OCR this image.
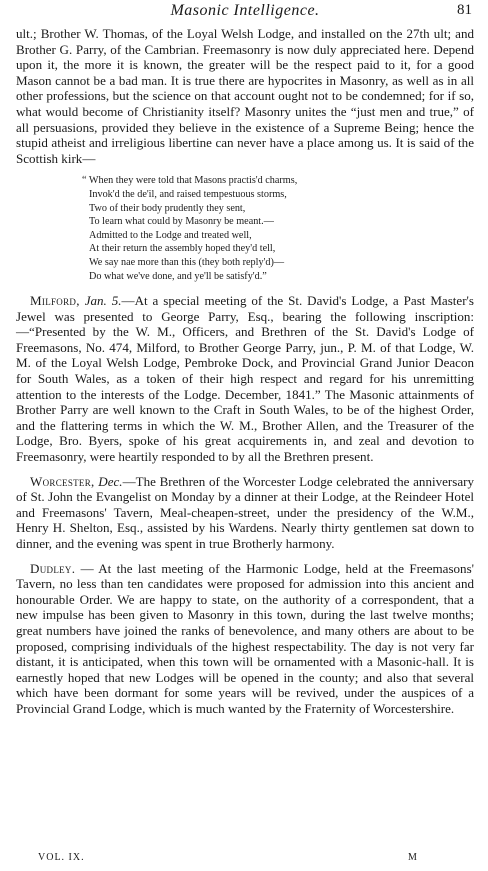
Masonic Intelligence.	81

ult.; Brother W. Thomas, of the Loyal Welsh Lodge, and installed on the 27th ult; and Brother G. Parry, of the Cambrian. Freemasonry is now duly appreciated here. Depend upon it, the more it is known, the greater will be the respect paid to it, for a good Mason cannot be a bad man. It is true there are hypocrites in Masonry, as well as in all other professions, but the science on that account ought not to be condemned; for if so, what would become of Christianity itself? Masonry unites the “just men and true,” of all persuasions, provided they believe in the existence of a Supreme Being; hence the stupid atheist and irreligious libertine can never have a place among us. It is said of the Scottish kirk—

“ When they were told that Masons practis'd charms,
Invok'd the de'il, and raised tempestuous storms,
Two of their body prudently they sent,
To learn what could by Masonry be meant.—
Admitted to the Lodge and treated well,
At their return the assembly hoped they'd tell,
We say nae more than this (they both reply'd)—
Do what we've done, and ye'll be satisfy'd.”

Milford, Jan. 5.—At a special meeting of the St. David's Lodge, a Past Master's Jewel was presented to George Parry, Esq., bearing the following inscription:—“Presented by the W. M., Officers, and Brethren of the St. David's Lodge of Freemasons, No. 474, Milford, to Brother George Parry, jun., P. M. of that Lodge, W. M. of the Loyal Welsh Lodge, Pembroke Dock, and Provincial Grand Junior Deacon for South Wales, as a token of their high respect and regard for his unremitting attention to the interests of the Lodge. December, 1841.” The Masonic attainments of Brother Parry are well known to the Craft in South Wales, to be of the highest Order, and the flattering terms in which the W. M., Brother Allen, and the Treasurer of the Lodge, Bro. Byers, spoke of his great acquirements in, and zeal and devotion to Freemasonry, were heartily responded to by all the Brethren present.

Worcester, Dec.—The Brethren of the Worcester Lodge celebrated the anniversary of St. John the Evangelist on Monday by a dinner at their Lodge, at the Reindeer Hotel and Freemasons' Tavern, Meal-cheapen-street, under the presidency of the W.M., Henry H. Shelton, Esq., assisted by his Wardens. Nearly thirty gentlemen sat down to dinner, and the evening was spent in true Brotherly harmony.

Dudley. — At the last meeting of the Harmonic Lodge, held at the Freemasons' Tavern, no less than ten candidates were proposed for admission into this ancient and honourable Order. We are happy to state, on the authority of a correspondent, that a new impulse has been given to Masonry in this town, during the last twelve months; great numbers have joined the ranks of benevolence, and many others are about to be proposed, comprising individuals of the highest respectability. The day is not very far distant, it is anticipated, when this town will be ornamented with a Masonic-hall. It is earnestly hoped that new Lodges will be opened in the county; and also that several which have been dormant for some years will be revived, under the auspices of a Provincial Grand Lodge, which is much wanted by the Fraternity of Worcestershire.

VOL. IX.	M
